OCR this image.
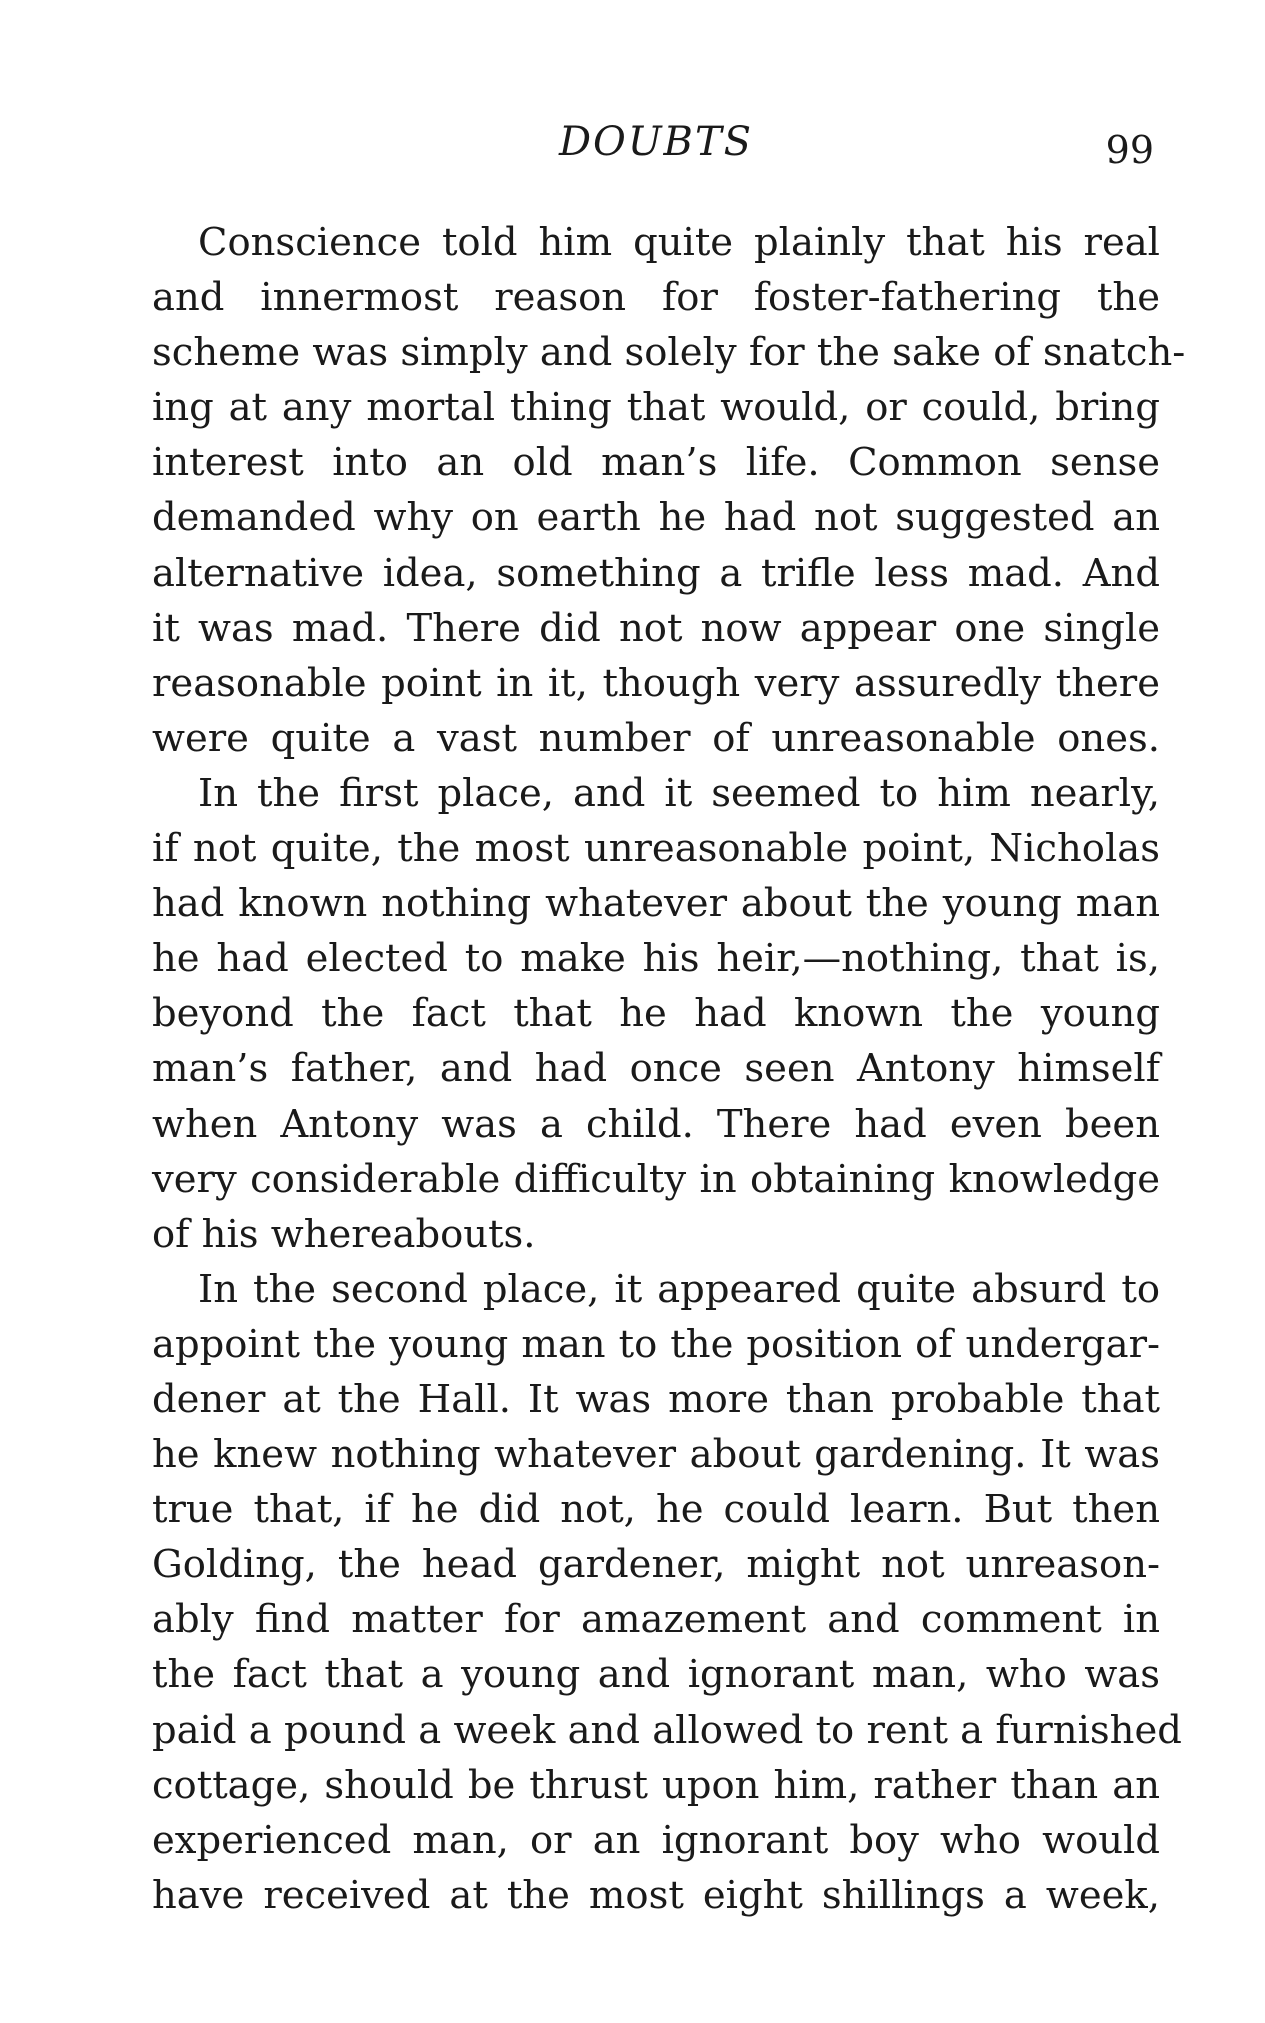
DOUBTS	99
Conscience told him quite plainly that his real
and innermost reason for foster-fathering the
scheme was simply and solely for the sake of snatch-
ing at any mortal thing that would, or could, bring
interest into an old man’s life. Common sense
demanded why on earth he had not suggested an
alternative idea, something a trifle less mad. And
it was mad. There did not now appear one single
reasonable point in it, though very assuredly there
were quite a vast number of unreasonable ones.
In the first place, and it seemed to him nearly,
if not quite, the most unreasonable point, Nicholas
had known nothing whatever about the young man
he had elected to make his heir,—nothing, that is,
beyond the fact that he had known the young
man’s father, and had once seen Antony himself
when Antony was a child. There had even been
very considerable difficulty in obtaining knowledge
of his whereabouts.
In the second place, it appeared quite absurd to
appoint the young man to the position of undergar-
dener at the Hall. It was more than probable that
he knew nothing whatever about gardening. It was
true that, if he did not, he could learn. But then
Golding, the head gardener, might not unreason-
ably find matter for amazement and comment in
the fact that a young and ignorant man, who was
paid a pound a week and allowed to rent a furnished
cottage, should be thrust upon him, rather than an
experienced man, or an ignorant boy who would
have received at the most eight shillings a week,
